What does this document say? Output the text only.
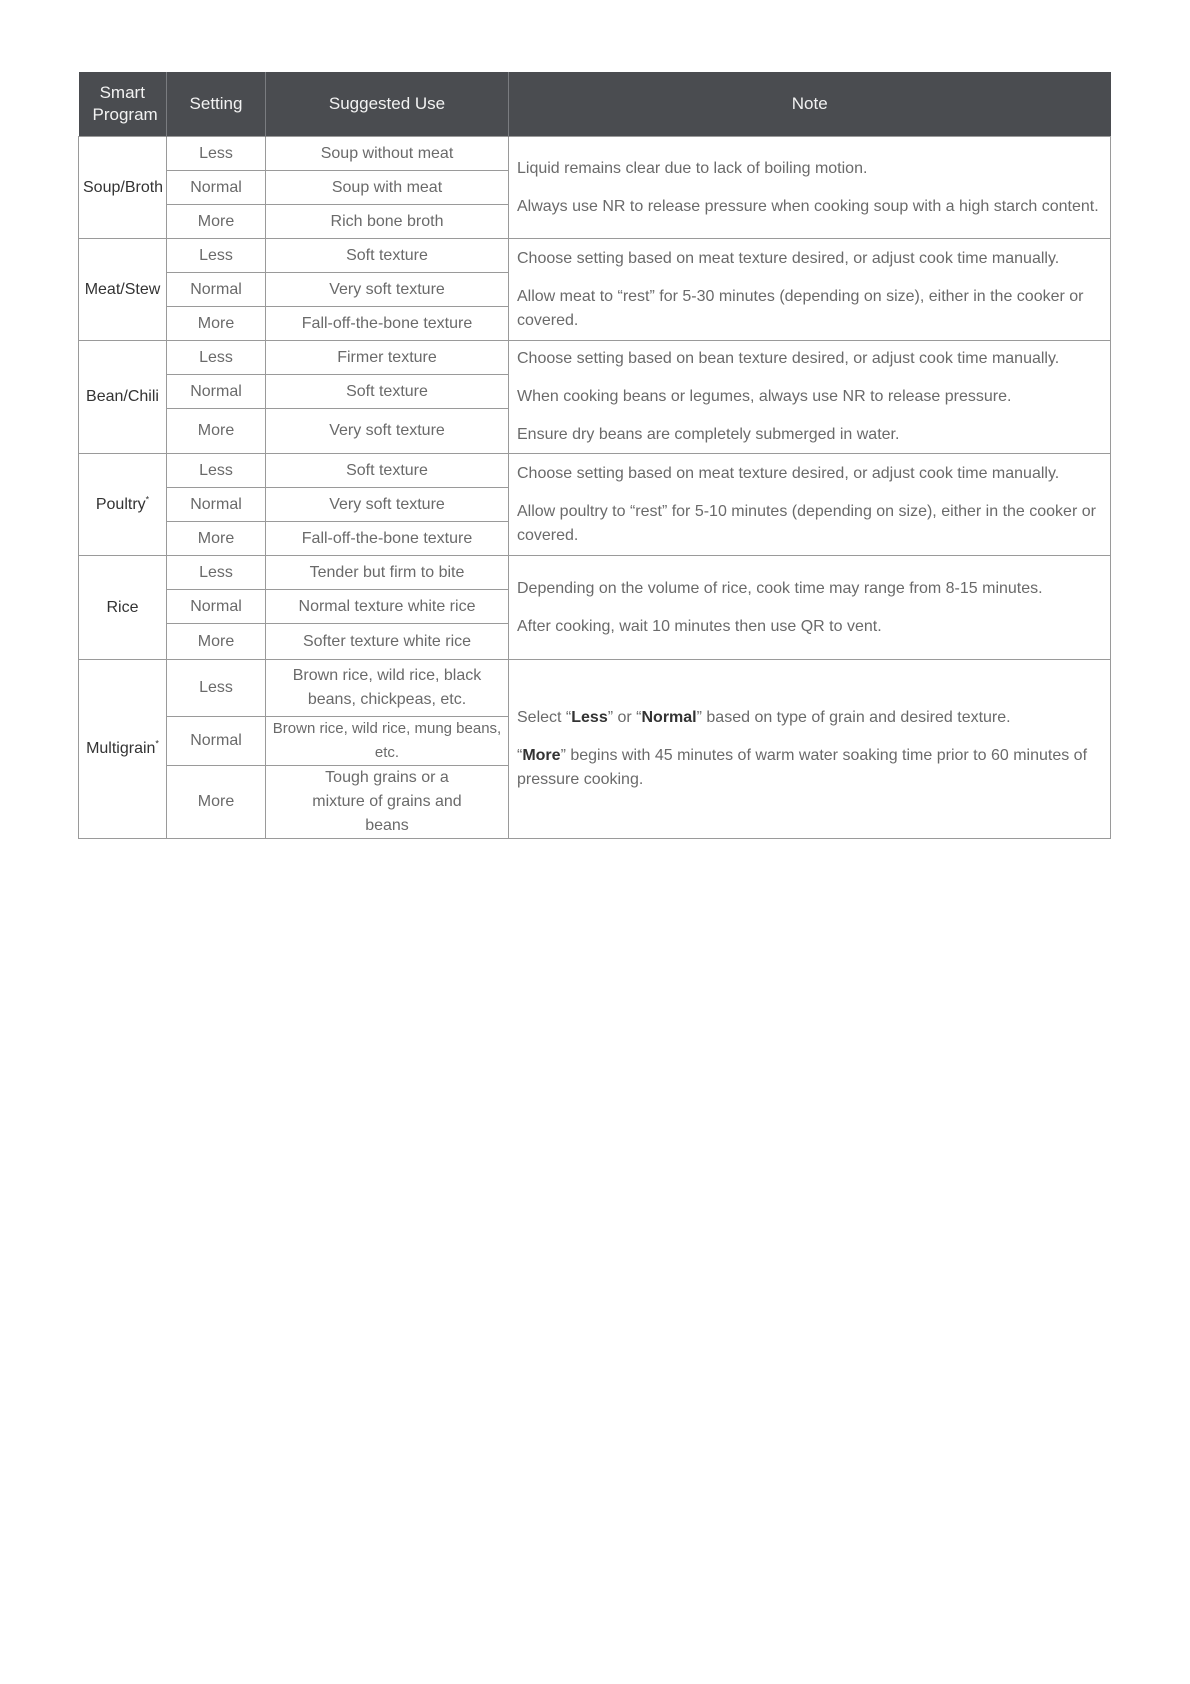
Smart Program	Setting	Suggested Use	Note
Soup/Broth	Less	Soup without meat	Liquid remains clear due to lack of boiling motion.

Always use NR to release pressure when cooking soup with a high starch content.

	Normal	Soup with meat	
	More	Rich bone broth	
Meat/Stew	Less	Soft texture	Choose setting based on meat texture desired, or adjust cook time manually.

Allow meat to “rest” for 5-30 minutes (depending on size), either in the cooker or covered.

	Normal	Very soft texture	
	More	Fall-off-the-bone texture	
Bean/Chili	Less	Firmer texture	Choose setting based on bean texture desired, or adjust cook time manually.

When cooking beans or legumes, always use NR to release pressure.

Ensure dry beans are completely submerged in water.

	Normal	Soft texture	
	More	Very soft texture	
Poultry*	Less	Soft texture	Choose setting based on meat texture desired, or adjust cook time manually.

Allow poultry to “rest” for 5-10 minutes (depending on size), either in the cooker or covered.

	Normal	Very soft texture	
	More	Fall-off-the-bone texture	
Rice	Less	Tender but firm to bite	Depending on the volume of rice, cook time may range from 8-15 minutes.

After cooking, wait 10 minutes then use QR to vent.

	Normal	Normal texture white rice	
	More	Softer texture white rice	
Multigrain*	Less	Brown rice, wild rice, black beans, chickpeas, etc.	Select “Less” or “Normal” based on type of grain and desired texture.

“More” begins with 45 minutes of warm water soaking time prior to 60 minutes of pressure cooking.

	Normal	Brown rice, wild rice, mung beans, etc.	
	More	Tough grains or a mixture of grains and beans	
